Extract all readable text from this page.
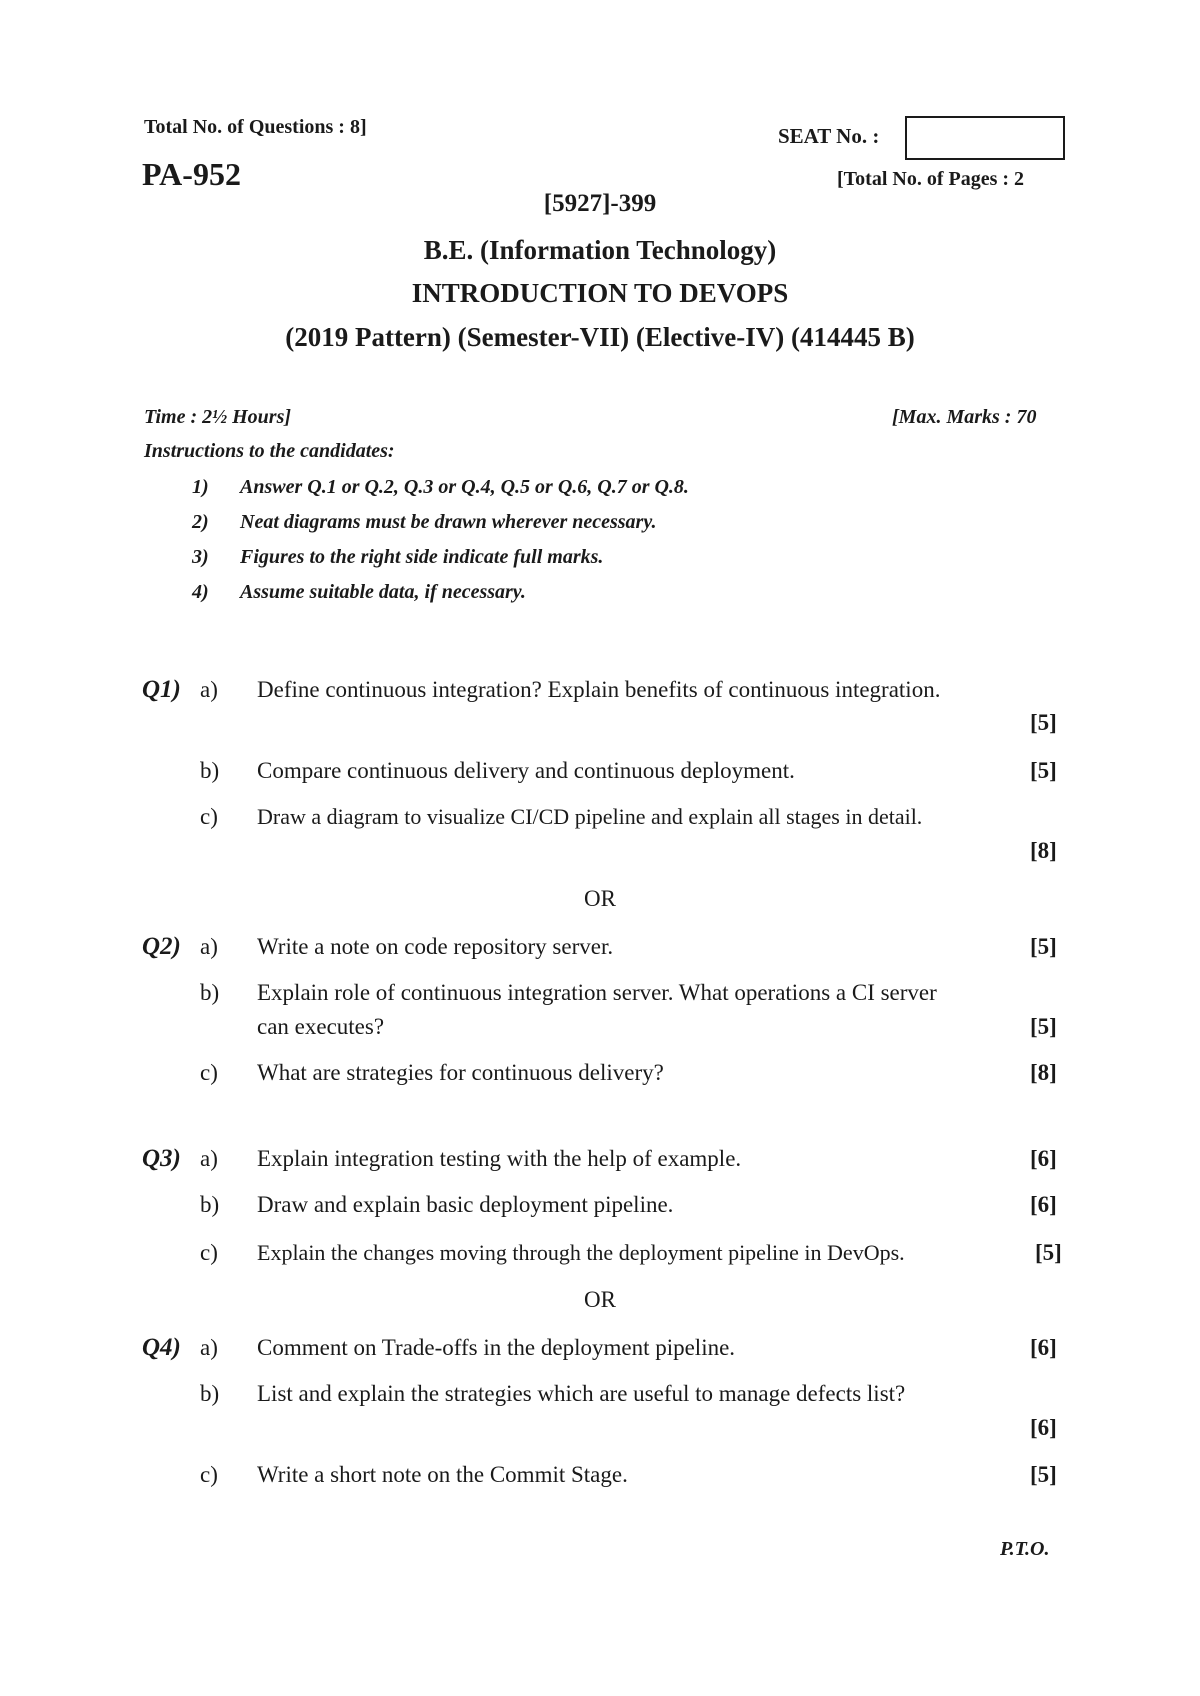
Total No. of Questions : 8]	SEAT No. :
PA-952	[Total No. of Pages : 2
[5927]-399
B.E. (Information Technology)
INTRODUCTION TO DEVOPS
(2019 Pattern) (Semester-VII) (Elective-IV) (414445 B)
Time : 2½ Hours]	[Max. Marks : 70
Instructions to the candidates:
1) Answer Q.1 or Q.2, Q.3 or Q.4, Q.5 or Q.6, Q.7 or Q.8.
2) Neat diagrams must be drawn wherever necessary.
3) Figures to the right side indicate full marks.
4) Assume suitable data, if necessary.
Q1) a) Define continuous integration? Explain benefits of continuous integration.
[5]
b) Compare continuous delivery and continuous deployment.	[5]
c) Draw a diagram to visualize CI/CD pipeline and explain all stages in detail.
[8]
OR
Q2) a) Write a note on code repository server.	[5]
b) Explain role of continuous integration server. What operations a CI server
can executes?	[5]
c) What are strategies for continuous delivery?	[8]
Q3) a) Explain integration testing with the help of example.	[6]
b) Draw and explain basic deployment pipeline.	[6]
c) Explain the changes moving through the deployment pipeline in DevOps.	[5]
OR
Q4) a) Comment on Trade-offs in the deployment pipeline.	[6]
b) List and explain the strategies which are useful to manage defects list?
[6]
c) Write a short note on the Commit Stage.	[5]
P.T.O.
